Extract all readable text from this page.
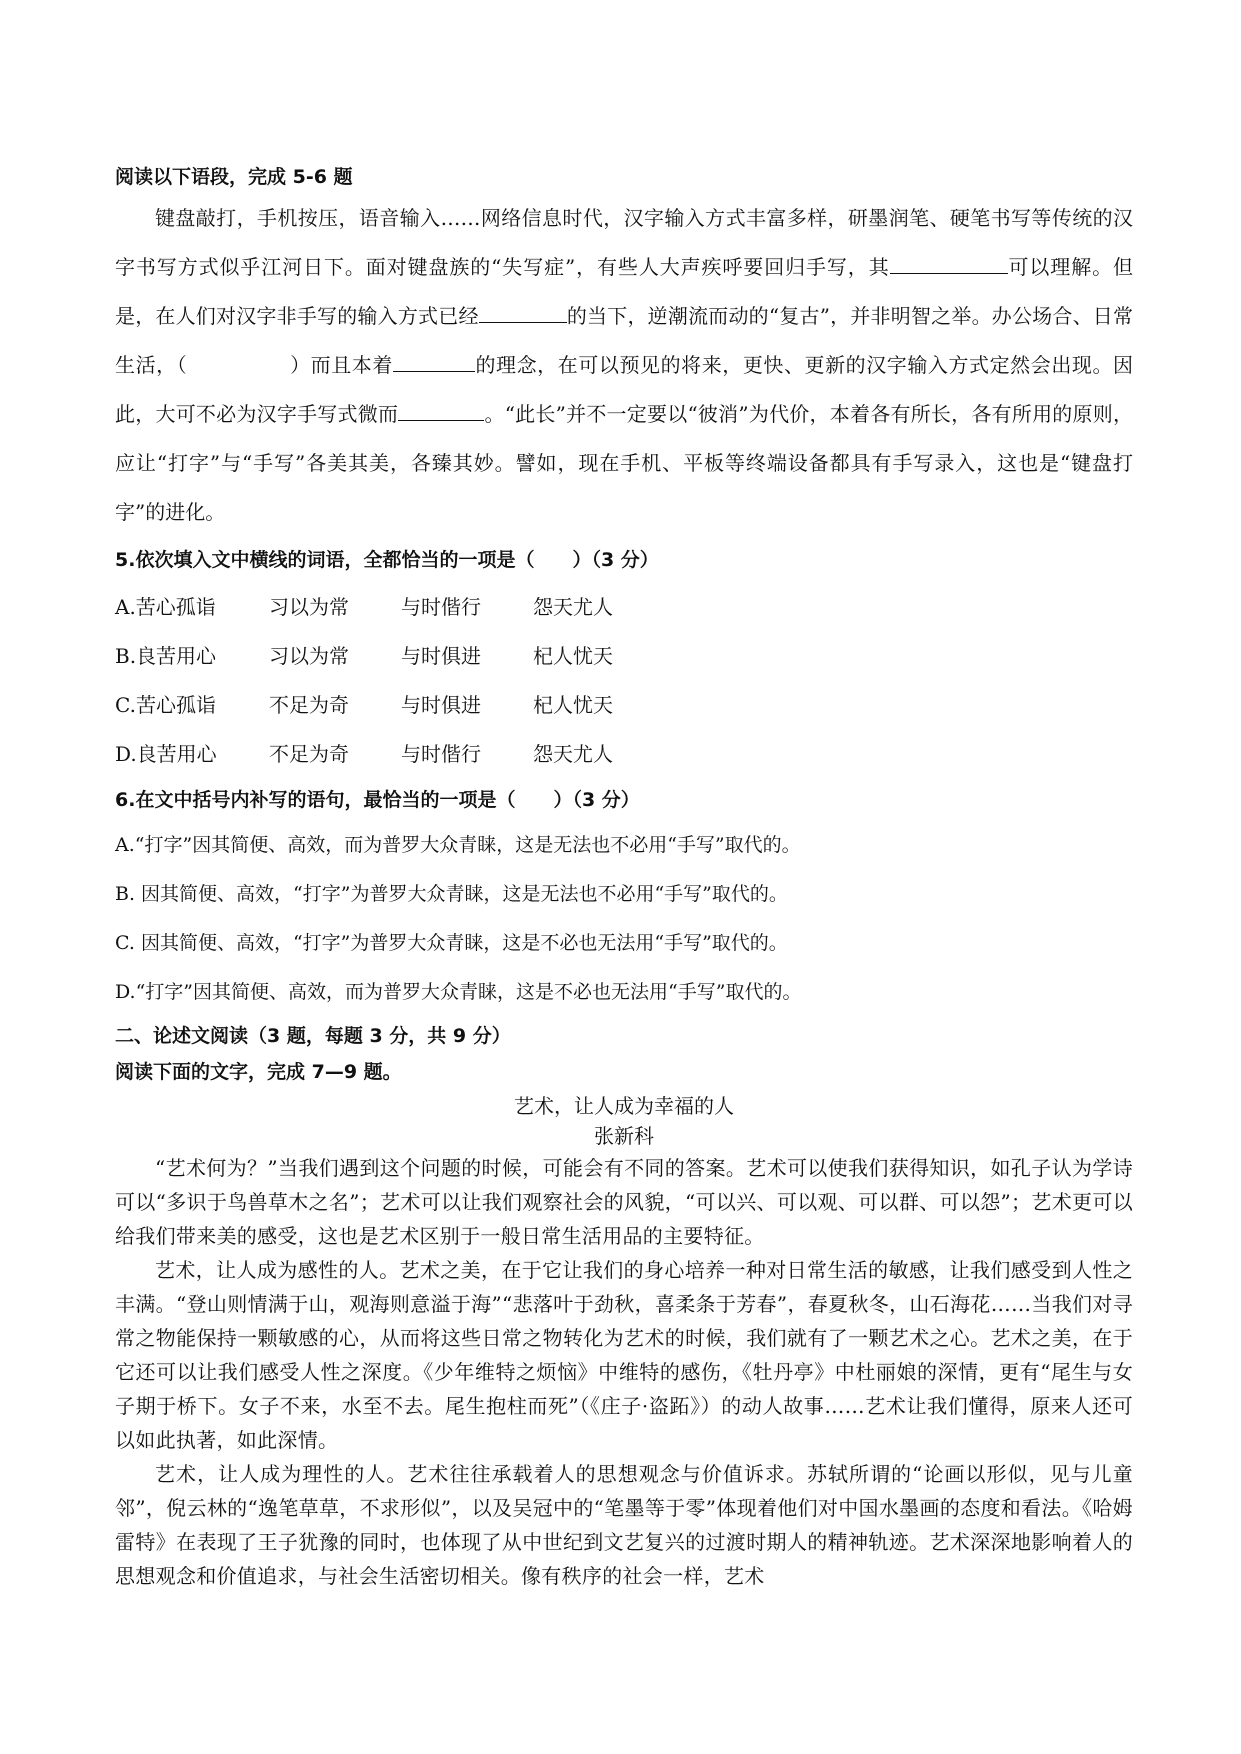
阅读以下语段，完成 5-6 题

键盘敲打，手机按压，语音输入……网络信息时代，汉字输入方式丰富多样，研墨润笔、硬笔书写等传统的汉字书写方式似乎江河日下。面对键盘族的“失写症”，有些人大声疾呼要回归手写，其	可以理解。但是，在人们对汉字非手写的输入方式已经	的当下，逆潮流而动的“复古”，并非明智之举。办公场合、日常生活，（　　　　　）而且本着	的理念，在可以预见的将来，更快、更新的汉字输入方式定然会出现。因此，大可不必为汉字手写式微而	。“此长”并不一定要以“彼消”为代价，本着各有所长，各有所用的原则，应让“打字”与“手写”各美其美，各臻其妙。譬如，现在手机、平板等终端设备都具有手写录入，这也是“键盘打字”的进化。

5.依次填入文中横线的词语，全都恰当的一项是（　　）（3 分）
A.苦心孤诣	习以为常	与时偕行	怨天尤人
B.良苦用心	习以为常	与时俱进	杞人忧天
C.苦心孤诣	不足为奇	与时俱进	杞人忧天
D.良苦用心	不足为奇	与时偕行	怨天尤人
6.在文中括号内补写的语句，最恰当的一项是（　　）（3 分）
A.“打字”因其简便、高效，而为普罗大众青睐，这是无法也不必用“手写”取代的。
B. 因其简便、高效，“打字”为普罗大众青睐，这是无法也不必用“手写”取代的。
C. 因其简便、高效，“打字”为普罗大众青睐，这是不必也无法用“手写”取代的。
D.“打字”因其简便、高效，而为普罗大众青睐，这是不必也无法用“手写”取代的。
二、论述文阅读（3 题，每题 3 分，共 9 分）
阅读下面的文字，完成 7—9 题。
艺术，让人成为幸福的人
张新科

“艺术何为？”当我们遇到这个问题的时候，可能会有不同的答案。艺术可以使我们获得知识，如孔子认为学诗可以“多识于鸟兽草木之名”；艺术可以让我们观察社会的风貌，“可以兴、可以观、可以群、可以怨”；艺术更可以给我们带来美的感受，这也是艺术区别于一般日常生活用品的主要特征。

艺术，让人成为感性的人。艺术之美，在于它让我们的身心培养一种对日常生活的敏感，让我们感受到人性之丰满。“登山则情满于山，观海则意溢于海”“悲落叶于劲秋，喜柔条于芳春”，春夏秋冬，山石海花……当我们对寻常之物能保持一颗敏感的心，从而将这些日常之物转化为艺术的时候，我们就有了一颗艺术之心。艺术之美，在于它还可以让我们感受人性之深度。《少年维特之烦恼》中维特的感伤，《牡丹亭》中杜丽娘的深情，更有“尾生与女子期于桥下。女子不来，水至不去。尾生抱柱而死”（《庄子·盗跖》）的动人故事……艺术让我们懂得，原来人还可以如此执著，如此深情。

艺术，让人成为理性的人。艺术往往承载着人的思想观念与价值诉求。苏轼所谓的“论画以形似，见与儿童邻”，倪云林的“逸笔草草，不求形似”，以及吴冠中的“笔墨等于零”体现着他们对中国水墨画的态度和看法。《哈姆雷特》在表现了王子犹豫的同时，也体现了从中世纪到文艺复兴的过渡时期人的精神轨迹。艺术深深地影响着人的思想观念和价值追求，与社会生活密切相关。像有秩序的社会一样，艺术
